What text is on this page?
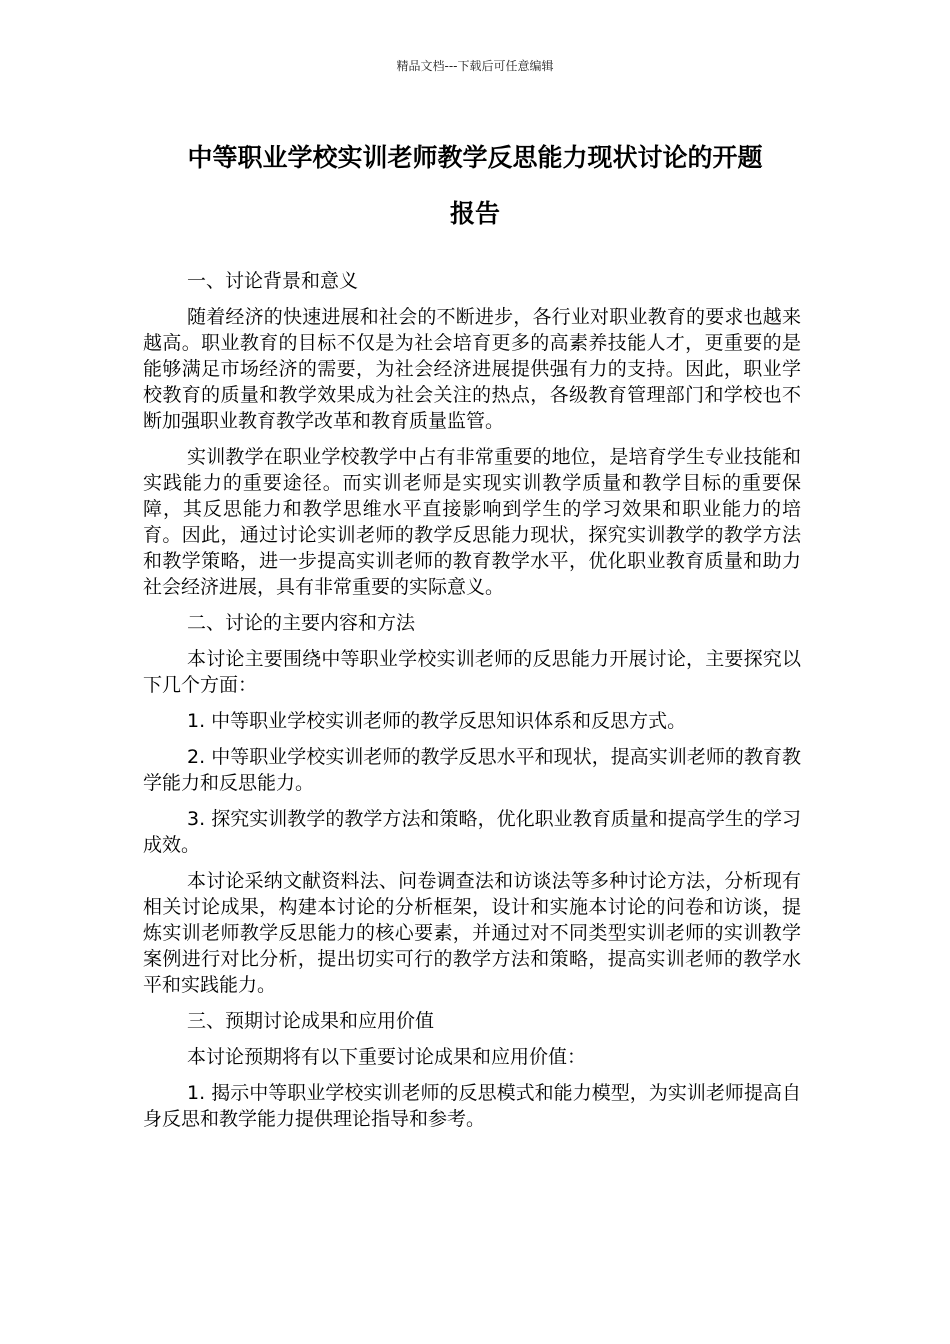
精品文档---下载后可任意编辑
中等职业学校实训老师教学反思能力现状讨论的开题
报告

一、讨论背景和意义

随着经济的快速进展和社会的不断进步，各行业对职业教育的要求也越来越高。职业教育的目标不仅是为社会培育更多的高素养技能人才，更重要的是能够满足市场经济的需要，为社会经济进展提供强有力的支持。因此，职业学校教育的质量和教学效果成为社会关注的热点，各级教育管理部门和学校也不断加强职业教育教学改革和教育质量监管。

实训教学在职业学校教学中占有非常重要的地位，是培育学生专业技能和实践能力的重要途径。而实训老师是实现实训教学质量和教学目标的重要保障，其反思能力和教学思维水平直接影响到学生的学习效果和职业能力的培育。因此，通过讨论实训老师的教学反思能力现状，探究实训教学的教学方法和教学策略，进一步提高实训老师的教育教学水平，优化职业教育质量和助力社会经济进展，具有非常重要的实际意义。

二、讨论的主要内容和方法

本讨论主要围绕中等职业学校实训老师的反思能力开展讨论，主要探究以下几个方面：

1. 中等职业学校实训老师的教学反思知识体系和反思方式。

2. 中等职业学校实训老师的教学反思水平和现状，提高实训老师的教育教学能力和反思能力。

3. 探究实训教学的教学方法和策略，优化职业教育质量和提高学生的学习成效。

本讨论采纳文献资料法、问卷调查法和访谈法等多种讨论方法，分析现有相关讨论成果，构建本讨论的分析框架，设计和实施本讨论的问卷和访谈，提炼实训老师教学反思能力的核心要素，并通过对不同类型实训老师的实训教学案例进行对比分析，提出切实可行的教学方法和策略，提高实训老师的教学水平和实践能力。

三、预期讨论成果和应用价值

本讨论预期将有以下重要讨论成果和应用价值：

1. 揭示中等职业学校实训老师的反思模式和能力模型，为实训老师提高自身反思和教学能力提供理论指导和参考。
